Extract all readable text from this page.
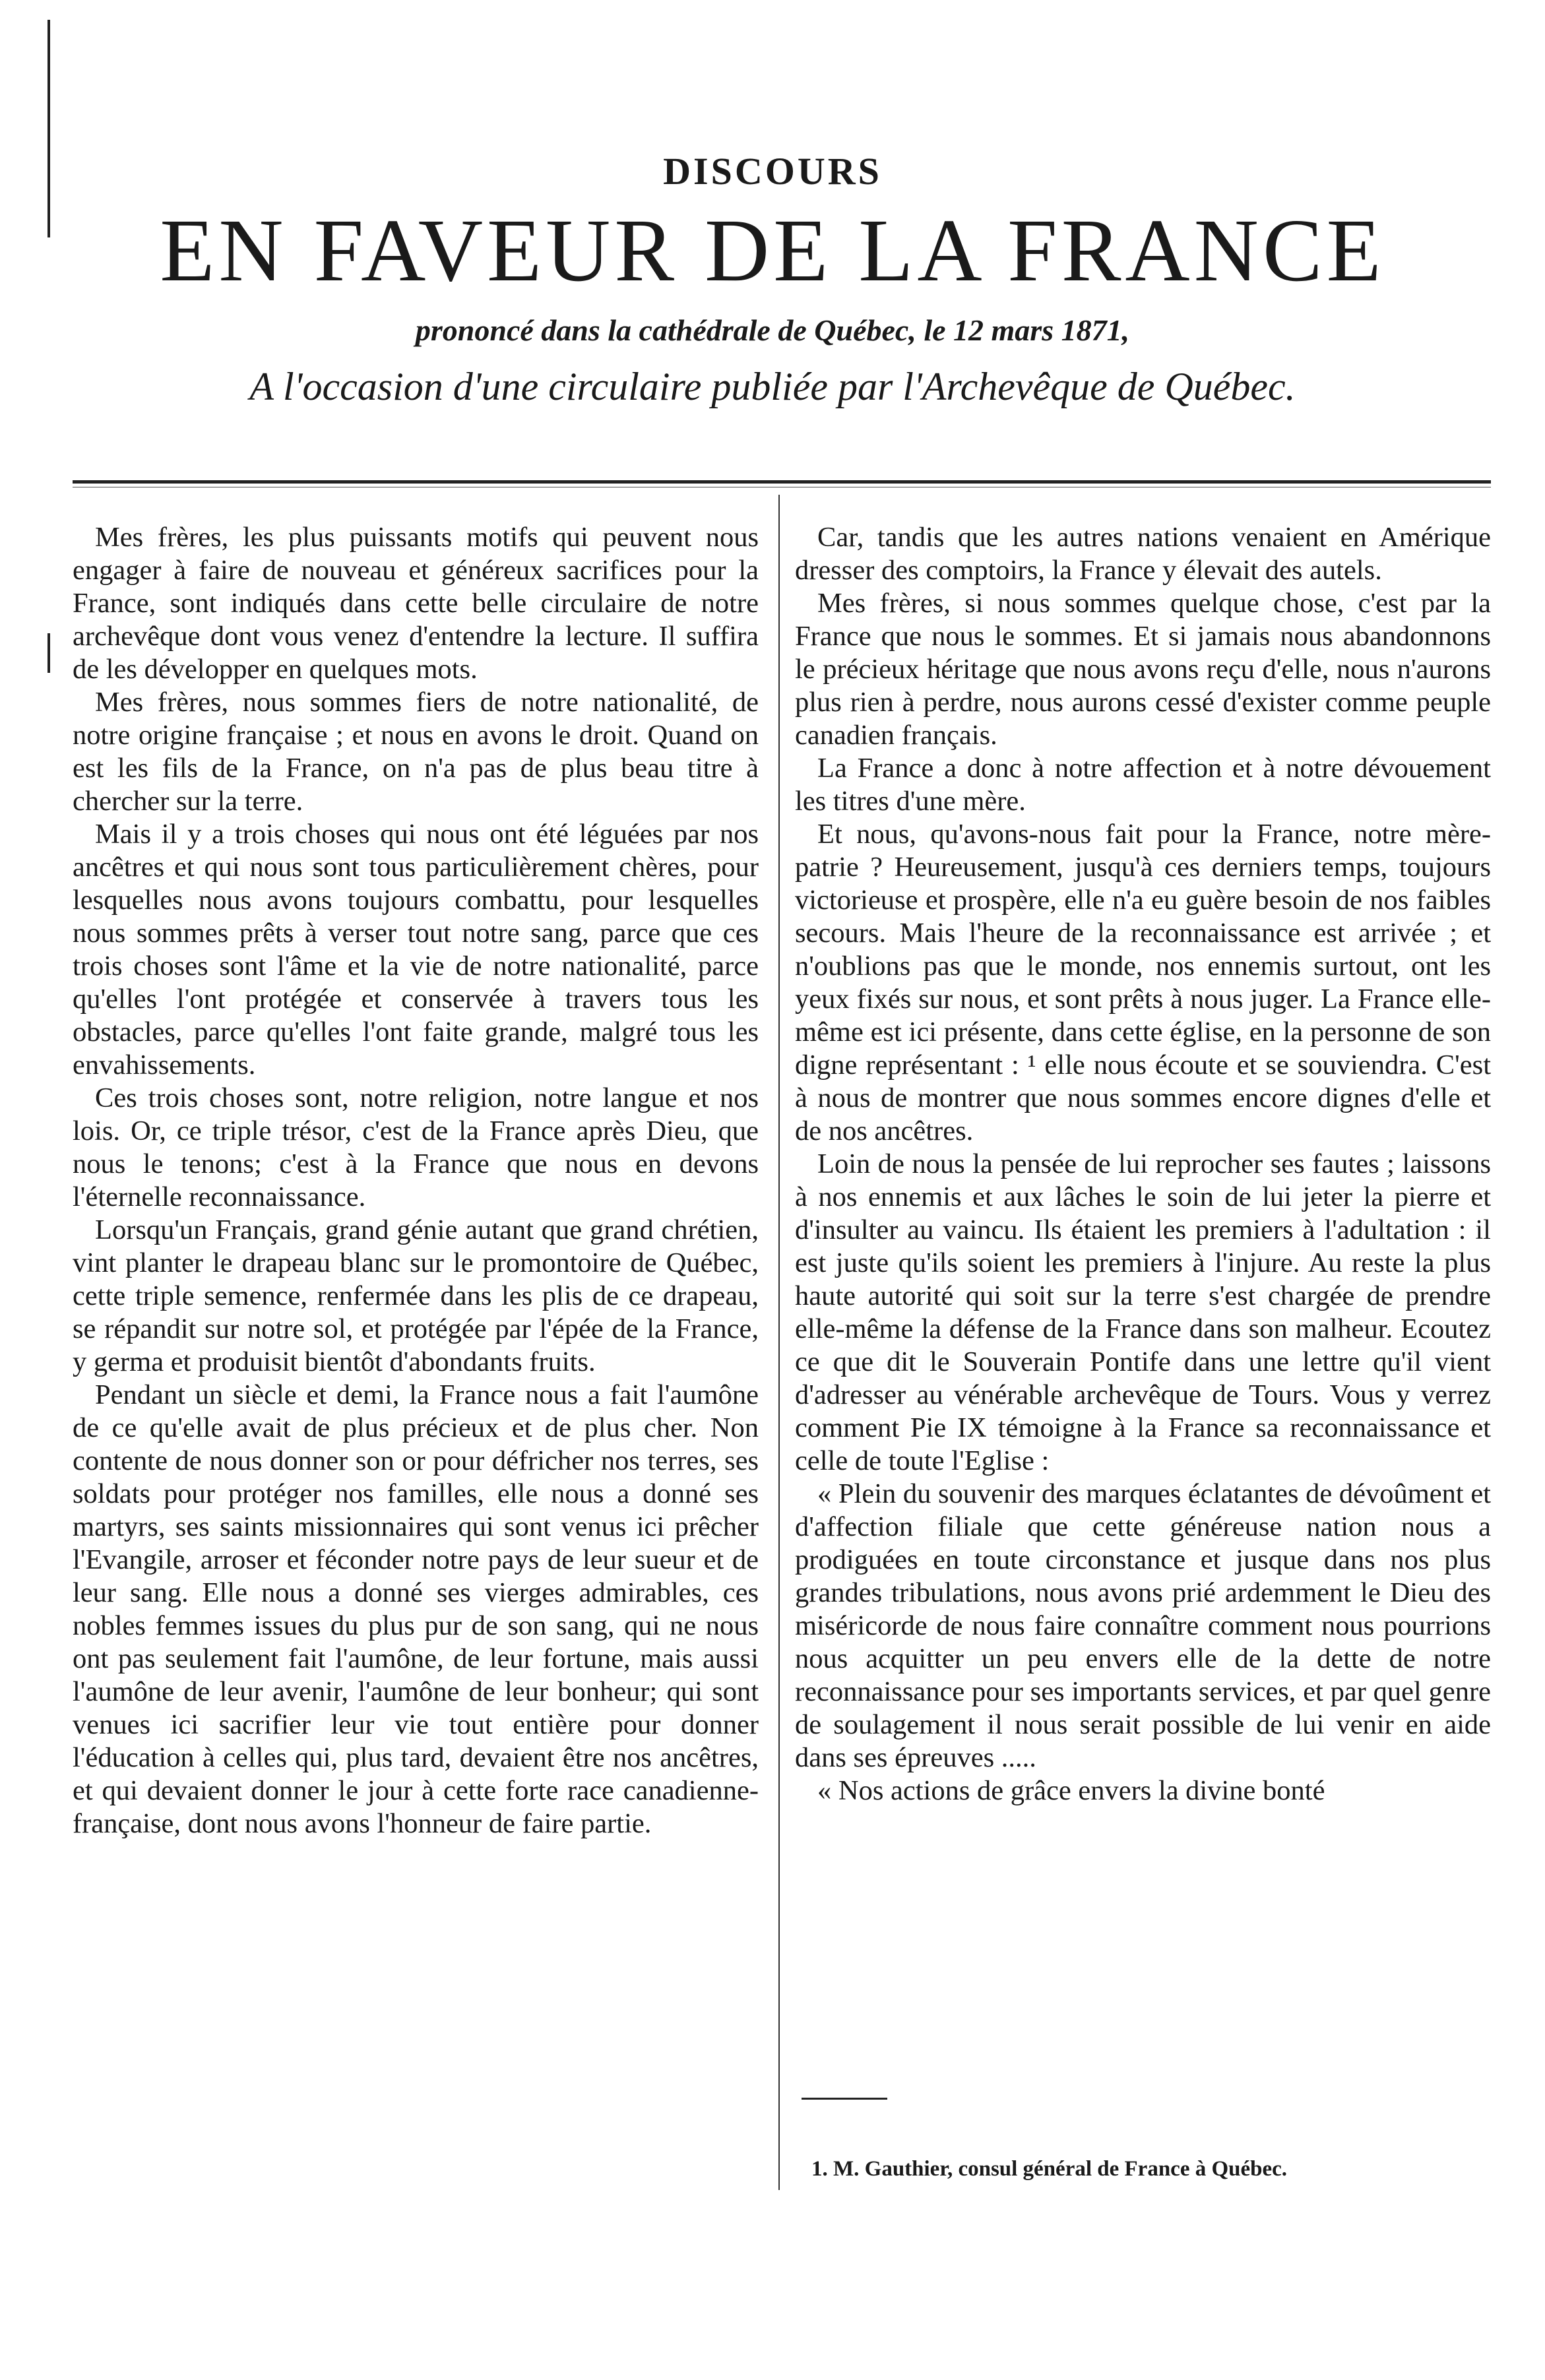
DISCOURS
EN FAVEUR DE LA FRANCE
prononcé dans la cathédrale de Québec, le 12 mars 1871,
A l'occasion d'une circulaire publiée par l'Archevêque de Québec.

Mes frères, les plus puissants motifs qui peuvent nous engager à faire de nouveau et généreux sacrifices pour la France, sont indiqués dans cette belle circulaire de notre archevêque dont vous venez d'entendre la lecture. Il suffira de les développer en quelques mots.

Mes frères, nous sommes fiers de notre nationalité, de notre origine française ; et nous en avons le droit. Quand on est les fils de la France, on n'a pas de plus beau titre à chercher sur la terre.

Mais il y a trois choses qui nous ont été léguées par nos ancêtres et qui nous sont tous particulièrement chères, pour lesquelles nous avons toujours combattu, pour lesquelles nous sommes prêts à verser tout notre sang, parce que ces trois choses sont l'âme et la vie de notre nationalité, parce qu'elles l'ont protégée et conservée à travers tous les obstacles, parce qu'elles l'ont faite grande, malgré tous les envahissements.

Ces trois choses sont, notre religion, notre langue et nos lois. Or, ce triple trésor, c'est de la France après Dieu, que nous le tenons; c'est à la France que nous en devons l'éternelle reconnaissance.

Lorsqu'un Français, grand génie autant que grand chrétien, vint planter le drapeau blanc sur le promontoire de Québec, cette triple semence, renfermée dans les plis de ce drapeau, se répandit sur notre sol, et protégée par l'épée de la France, y germa et produisit bientôt d'abondants fruits.

Pendant un siècle et demi, la France nous a fait l'aumône de ce qu'elle avait de plus précieux et de plus cher. Non contente de nous donner son or pour défricher nos terres, ses soldats pour protéger nos familles, elle nous a donné ses martyrs, ses saints missionnaires qui sont venus ici prêcher l'Evangile, arroser et féconder notre pays de leur sueur et de leur sang. Elle nous a donné ses vierges admirables, ces nobles femmes issues du plus pur de son sang, qui ne nous ont pas seulement fait l'aumône, de leur fortune, mais aussi l'aumône de leur avenir, l'aumône de leur bonheur; qui sont venues ici sacrifier leur vie tout entière pour donner l'éducation à celles qui, plus tard, devaient être nos ancêtres, et qui devaient donner le jour à cette forte race canadienne-française, dont nous avons l'honneur de faire partie.

Car, tandis que les autres nations venaient en Amérique dresser des comptoirs, la France y élevait des autels.

Mes frères, si nous sommes quelque chose, c'est par la France que nous le sommes. Et si jamais nous abandonnons le précieux héritage que nous avons reçu d'elle, nous n'aurons plus rien à perdre, nous aurons cessé d'exister comme peuple canadien français.

La France a donc à notre affection et à notre dévouement les titres d'une mère.

Et nous, qu'avons-nous fait pour la France, notre mère-patrie ? Heureusement, jusqu'à ces derniers temps, toujours victorieuse et prospère, elle n'a eu guère besoin de nos faibles secours. Mais l'heure de la reconnaissance est arrivée ; et n'oublions pas que le monde, nos ennemis surtout, ont les yeux fixés sur nous, et sont prêts à nous juger. La France elle-même est ici présente, dans cette église, en la personne de son digne représentant : ¹ elle nous écoute et se souviendra. C'est à nous de montrer que nous sommes encore dignes d'elle et de nos ancêtres.

Loin de nous la pensée de lui reprocher ses fautes ; laissons à nos ennemis et aux lâches le soin de lui jeter la pierre et d'insulter au vaincu. Ils étaient les premiers à l'adultation : il est juste qu'ils soient les premiers à l'injure. Au reste la plus haute autorité qui soit sur la terre s'est chargée de prendre elle-même la défense de la France dans son malheur. Ecoutez ce que dit le Souverain Pontife dans une lettre qu'il vient d'adresser au vénérable archevêque de Tours. Vous y verrez comment Pie IX témoigne à la France sa reconnaissance et celle de toute l'Eglise :

« Plein du souvenir des marques éclatantes de dévoûment et d'affection filiale que cette généreuse nation nous a prodiguées en toute circonstance et jusque dans nos plus grandes tribulations, nous avons prié ardemment le Dieu des miséricorde de nous faire connaître comment nous pourrions nous acquitter un peu envers elle de la dette de notre reconnaissance pour ses importants services, et par quel genre de soulagement il nous serait possible de lui venir en aide dans ses épreuves .....

« Nos actions de grâce envers la divine bonté

1. M. Gauthier, consul général de France à Québec.
